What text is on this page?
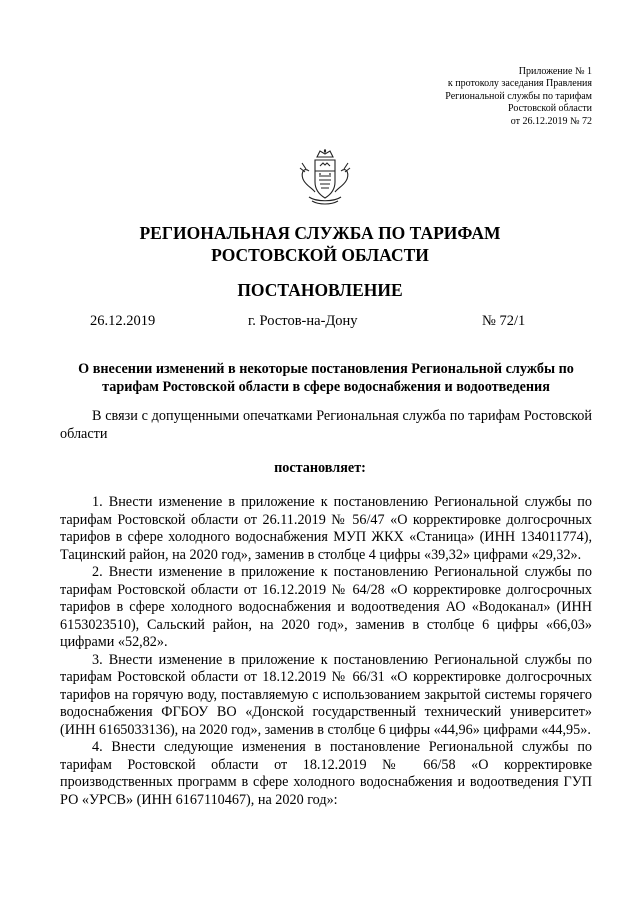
Приложение № 1
к протоколу заседания Правления
Региональной службы по тарифам
Ростовской области
от 26.12.2019 № 72
РЕГИОНАЛЬНАЯ СЛУЖБА ПО ТАРИФАМ
РОСТОВСКОЙ ОБЛАСТИ
ПОСТАНОВЛЕНИЕ
26.12.2019	г. Ростов-на-Дону	№ 72/1
О внесении изменений в некоторые постановления Региональной службы по
тарифам Ростовской области в сфере водоснабжения и водоотведения

В связи с допущенными опечатками Региональная служба по тарифам Ростовской области

постановляет:

1. Внести изменение в приложение к постановлению Региональной службы по тарифам Ростовской области от 26.11.2019 № 56/47 «О корректировке долгосрочных тарифов в сфере холодного водоснабжения МУП ЖКХ «Станица» (ИНН 134011774), Тацинский район, на 2020 год», заменив в столбце 4 цифры «39,32» цифрами «29,32».

2. Внести изменение в приложение к постановлению Региональной службы по тарифам Ростовской области от 16.12.2019 № 64/28 «О корректировке долгосрочных тарифов в сфере холодного водоснабжения и водоотведения АО «Водоканал» (ИНН 6153023510), Сальский район, на 2020 год», заменив в столбце 6 цифры «66,03» цифрами «52,82».

3. Внести изменение в приложение к постановлению Региональной службы по тарифам Ростовской области от 18.12.2019 № 66/31 «О корректировке долгосрочных тарифов на горячую воду, поставляемую с использованием закрытой системы горячего водоснабжения ФГБОУ ВО «Донской государственный технический университет» (ИНН 6165033136), на 2020 год», заменив в столбце 6 цифры «44,96» цифрами «44,95».

4. Внести следующие изменения в постановление Региональной службы по тарифам Ростовской области от 18.12.2019 № 66/58 «О корректировке производственных программ в сфере холодного водоснабжения и водоотведения ГУП РО «УРСВ» (ИНН 6167110467), на 2020 год»:
